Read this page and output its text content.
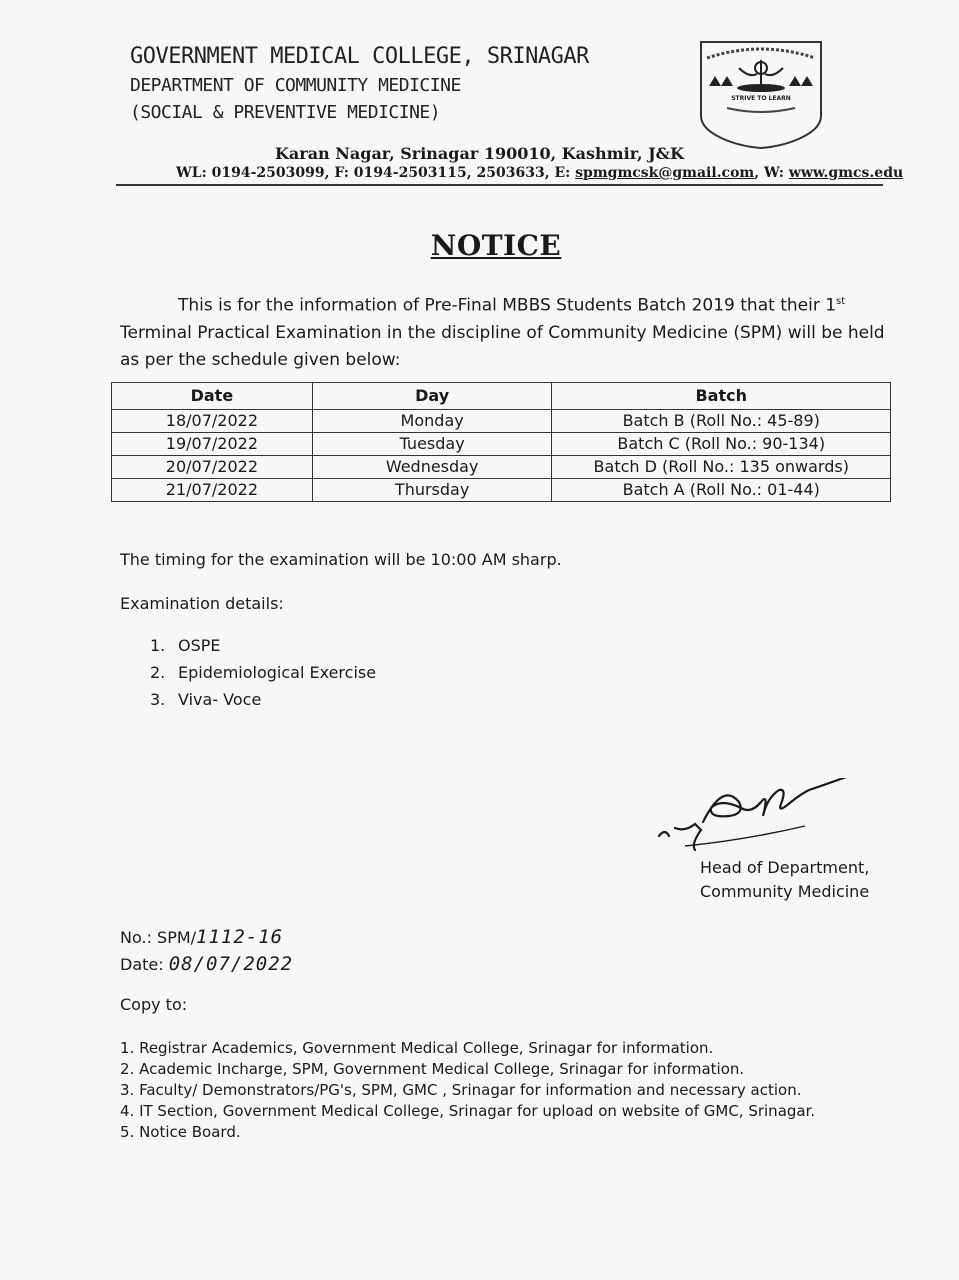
GOVERNMENT MEDICAL COLLEGE, SRINAGAR
DEPARTMENT OF COMMUNITY MEDICINE
(SOCIAL & PREVENTIVE MEDICINE)
STRIVE TO LEARN
Karan Nagar, Srinagar 190010, Kashmir, J&K
WL: 0194-2503099, F: 0194-2503115, 2503633, E: spmgmcsk@gmail.com, W: www.gmcs.edu
NOTICE
This is for the information of Pre-Final MBBS Students Batch 2019 that their 1st Terminal Practical Examination in the discipline of Community Medicine (SPM) will be held as per the schedule given below:
Date	Day	Batch
18/07/2022	Monday	Batch B (Roll No.: 45-89)
19/07/2022	Tuesday	Batch C (Roll No.: 90-134)
20/07/2022	Wednesday	Batch D (Roll No.: 135 onwards)
21/07/2022	Thursday	Batch A (Roll No.: 01-44)
The timing for the examination will be 10:00 AM sharp.
Examination details:
1. OSPE
2. Epidemiological Exercise
3. Viva- Voce
Head of Department,
Community Medicine
No.: SPM/1112-16
Date: 08/07/2022
Copy to:
1. Registrar Academics, Government Medical College, Srinagar for information.
2. Academic Incharge, SPM, Government Medical College, Srinagar for information.
3. Faculty/ Demonstrators/PG's, SPM, GMC , Srinagar for information and necessary action.
4. IT Section, Government Medical College, Srinagar for upload on website of GMC, Srinagar.
5. Notice Board.
